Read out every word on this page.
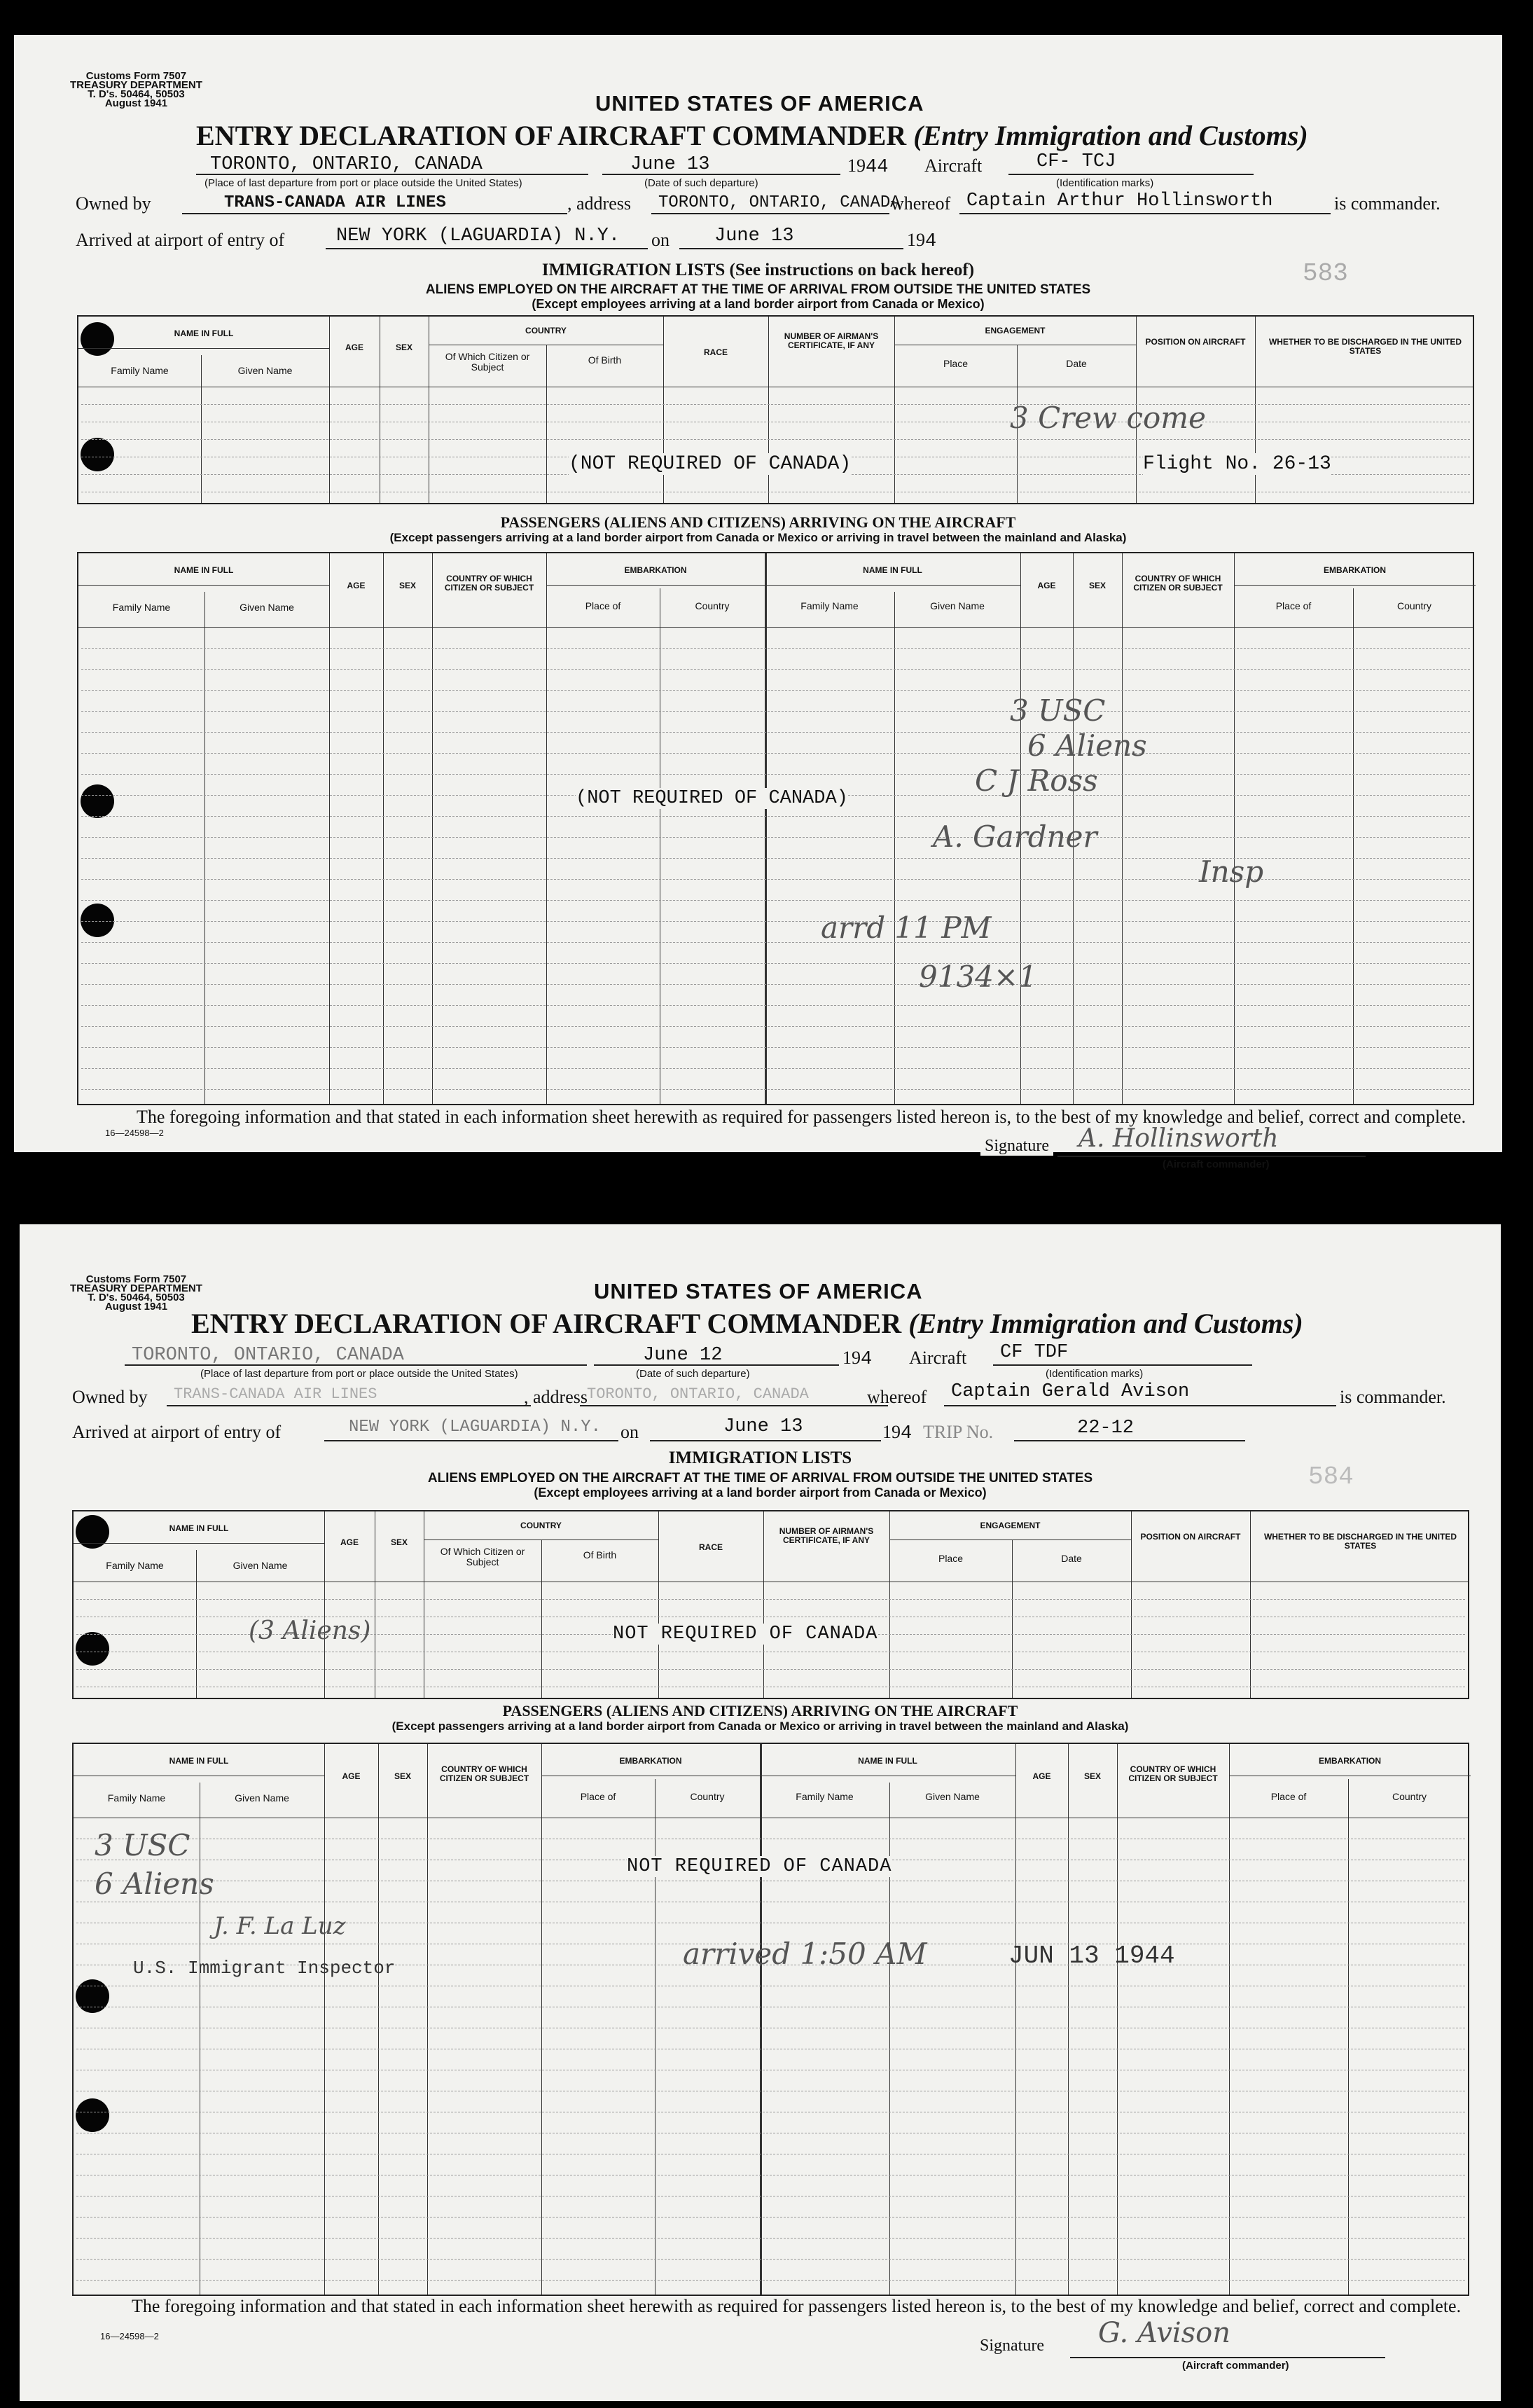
Customs Form 7507
TREASURY DEPARTMENT
T. D's. 50464, 50503
August 1941	UNITED STATES OF AMERICA
ENTRY DECLARATION OF AIRCRAFT COMMANDER (Entry Immigration and Customs)
TORONTO, ONTARIO, CANADA
(Place of last departure from port or place outside the United States)
June 13
(Date of such departure)
1944 Aircraft	CF- TCJ
(Identification marks)
Owned by	TRANS-CANADA AIR LINES	, address TORONTO, ONTARIO, CANADA
whereof Captain Arthur Hollinsworth	is commander.
Arrived at airport of entry of	NEW YORK (LAGUARDIA) N.Y. on June 13	194
IMMIGRATION LISTS (See instructions on back hereof)	583
ALIENS EMPLOYED ON THE AIRCRAFT AT THE TIME OF ARRIVAL FROM OUTSIDE THE UNITED STATES
(Except employees arriving at a land border airport from Canada or Mexico)
NAME IN FULL
Family Name	Given Name
AGE	SEX
COUNTRY
Of Which Citizen or Subject
Of Birth
RACE
NUMBER OF AIRMAN'S CERTIFICATE, IF ANY
ENGAGEMENT
Place	Date
POSITION ON AIRCRAFT	WHETHER TO BE DISCHARGED IN THE UNITED STATES
(NOT REQUIRED OF CANADA)	Flight No. 26-13
3 Crew come
PASSENGERS (ALIENS AND CITIZENS) ARRIVING ON THE AIRCRAFT
(Except passengers arriving at a land border airport from Canada or Mexico or arriving in travel between the mainland and Alaska)
NAME IN FULL
Family Name	Given Name
AGE	SEX
COUNTRY OF WHICH CITIZEN OR SUBJECT
EMBARKATION
Place of	Country
NAME IN FULL
Family Name	Given Name
AGE	SEX
COUNTRY OF WHICH CITIZEN OR SUBJECT
EMBARKATION
Place of	Country
(NOT REQUIRED OF CANADA)
3 USC
6 Aliens
C J Ross
A. Gardner
Insp
arrd 11 PM
9134×1
The foregoing information and that stated in each information sheet herewith as required for passengers listed hereon is, to the best of my knowledge and belief, correct and complete.
Signature A. Hollinsworth
(Aircraft commander)
16—24598—2
Customs Form 7507
TREASURY DEPARTMENT
T. D's. 50464, 50503
August 1941
UNITED STATES OF AMERICA
ENTRY DECLARATION OF AIRCRAFT COMMANDER (Entry Immigration and Customs)
TORONTO, ONTARIO, CANADA
(Place of last departure from port or place outside the United States)
June 12
(Date of such departure)
194 Aircraft CF TDF
(Identification marks)
Owned by TRANS-CANADA AIR LINES	, address TORONTO, ONTARIO, CANADA	whereof Captain Gerald Avison	is commander.
Arrived at airport of entry of	NEW YORK (LAGUARDIA) N.Y. on	June 13	194 TRIP No.	22-12
IMMIGRATION LISTS
584
ALIENS EMPLOYED ON THE AIRCRAFT AT THE TIME OF ARRIVAL FROM OUTSIDE THE UNITED STATES
(Except employees arriving at a land border airport from Canada or Mexico)
NAME IN FULL
Family Name	Given Name
AGE	SEX
COUNTRY
Of Which Citizen or Subject
Of Birth
RACE
NUMBER OF AIRMAN'S CERTIFICATE, IF ANY
ENGAGEMENT
Place	Date
POSITION ON AIRCRAFT	WHETHER TO BE DISCHARGED IN THE UNITED STATES
NOT REQUIRED OF CANADA
(3 Aliens)
PASSENGERS (ALIENS AND CITIZENS) ARRIVING ON THE AIRCRAFT
(Except passengers arriving at a land border airport from Canada or Mexico or arriving in travel between the mainland and Alaska)
NAME IN FULL
Family Name	Given Name
AGE	SEX
COUNTRY OF WHICH CITIZEN OR SUBJECT
EMBARKATION
Place of	Country
NAME IN FULL
Family Name	Given Name
AGE	SEX
COUNTRY OF WHICH CITIZEN OR SUBJECT
EMBARKATION
Place of	Country
NOT REQUIRED OF CANADA
3 USC
6 Aliens
J. F. La Luz
U.S. Immigrant Inspector	arrived 1:50 AM	JUN 13 1944
The foregoing information and that stated in each information sheet herewith as required for passengers listed hereon is, to the best of my knowledge and belief, correct and complete.
Signature G. Avison
(Aircraft commander)
16—24598—2
